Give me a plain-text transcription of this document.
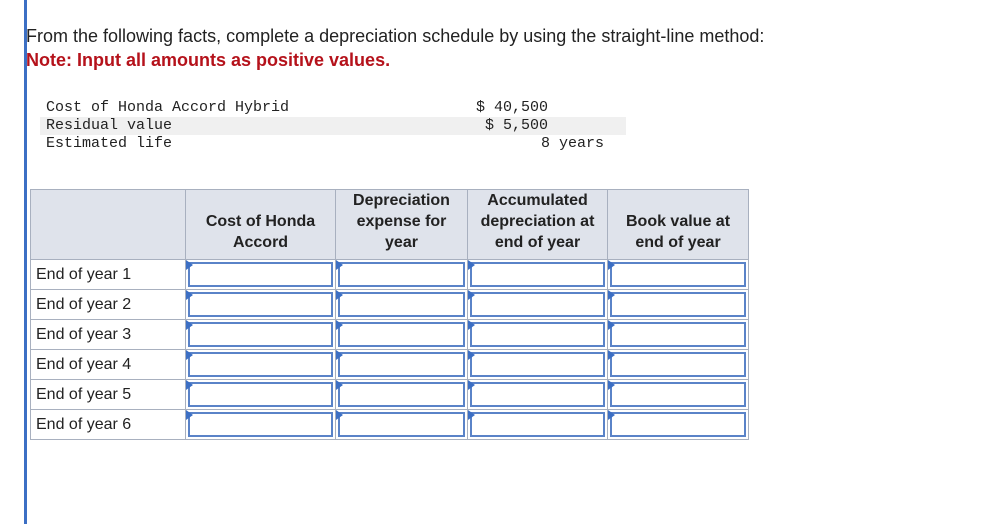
From the following facts, complete a depreciation schedule by using the straight-line method:
Note: Input all amounts as positive values.
Cost of Honda Accord Hybrid	$ 40,500
Residual value	$ 5,500
Estimated life	8 years
	Cost of Honda Accord	Depreciation expense for year	Accumulated depreciation at end of year	Book value at end of year
End of year 1	

End of year 2	

End of year 3	

End of year 4	

End of year 5	

End of year 6	
